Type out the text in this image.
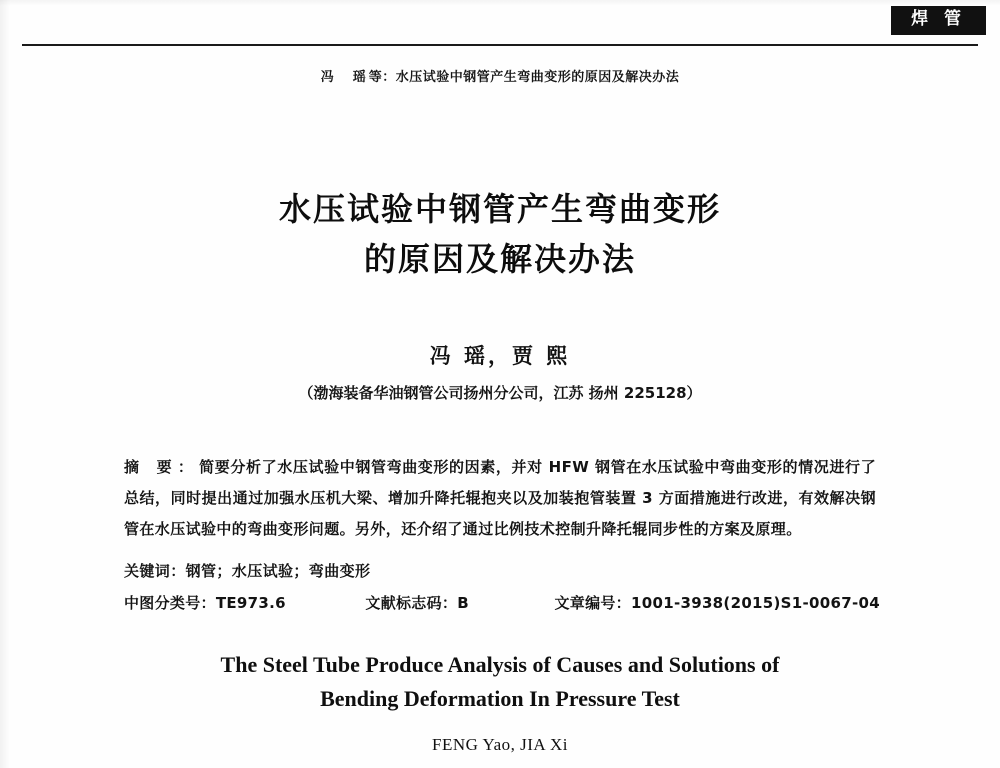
焊 管
冯　瑶等：水压试验中钢管产生弯曲变形的原因及解决办法
水压试验中钢管产生弯曲变形
的原因及解决办法
冯 瑶，贾 熙
（渤海装备华油钢管公司扬州分公司，江苏 扬州 225128）
摘 要：简要分析了水压试验中钢管弯曲变形的因素，并对 HFW 钢管在水压试验中弯曲变形的情况进行了总结，同时提出通过加强水压机大梁、增加升降托辊抱夹以及加装抱管装置 3 方面措施进行改进，有效解决钢管在水压试验中的弯曲变形问题。另外，还介绍了通过比例技术控制升降托辊同步性的方案及原理。
关键词：钢管；水压试验；弯曲变形
中图分类号：TE973.6	文献标志码：B	文章编号：1001-3938(2015)S1-0067-04
The Steel Tube Produce Analysis of Causes and Solutions of
Bending Deformation In Pressure Test
FENG Yao, JIA Xi
